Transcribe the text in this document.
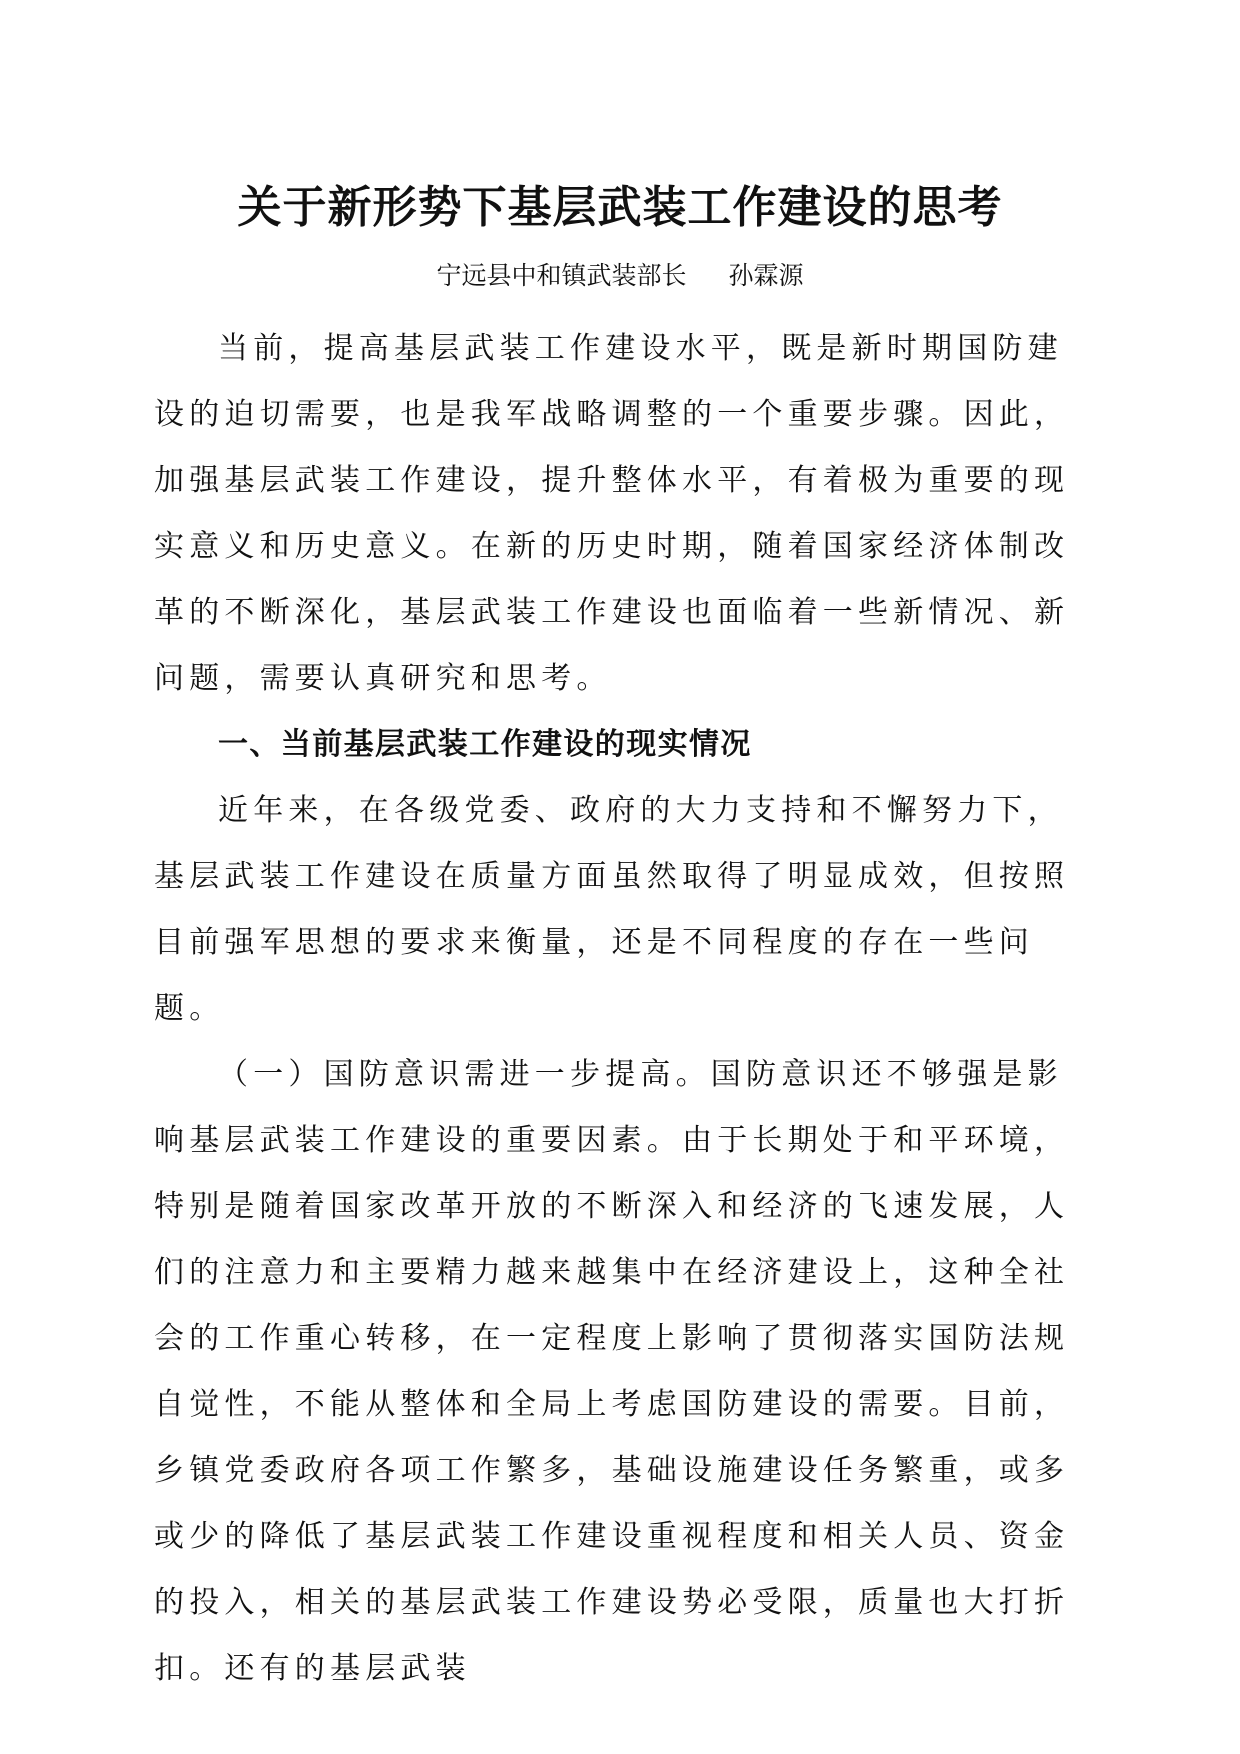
关于新形势下基层武装工作建设的思考
宁远县中和镇武装部长 孙霖源

当前，提高基层武装工作建设水平，既是新时期国防建设的迫切需要，也是我军战略调整的一个重要步骤。因此，加强基层武装工作建设，提升整体水平，有着极为重要的现实意义和历史意义。在新的历史时期，随着国家经济体制改革的不断深化，基层武装工作建设也面临着一些新情况、新问题，需要认真研究和思考。

一、当前基层武装工作建设的现实情况

近年来，在各级党委、政府的大力支持和不懈努力下，基层武装工作建设在质量方面虽然取得了明显成效，但按照目前强军思想的要求来衡量，还是不同程度的存在一些问题。

（一）国防意识需进一步提高。国防意识还不够强是影响基层武装工作建设的重要因素。由于长期处于和平环境，特别是随着国家改革开放的不断深入和经济的飞速发展，人们的注意力和主要精力越来越集中在经济建设上，这种全社会的工作重心转移，在一定程度上影响了贯彻落实国防法规自觉性，不能从整体和全局上考虑国防建设的需要。目前，乡镇党委政府各项工作繁多，基础设施建设任务繁重，或多或少的降低了基层武装工作建设重视程度和相关人员、资金的投入，相关的基层武装工作建设势必受限，质量也大打折扣。还有的基层武装
